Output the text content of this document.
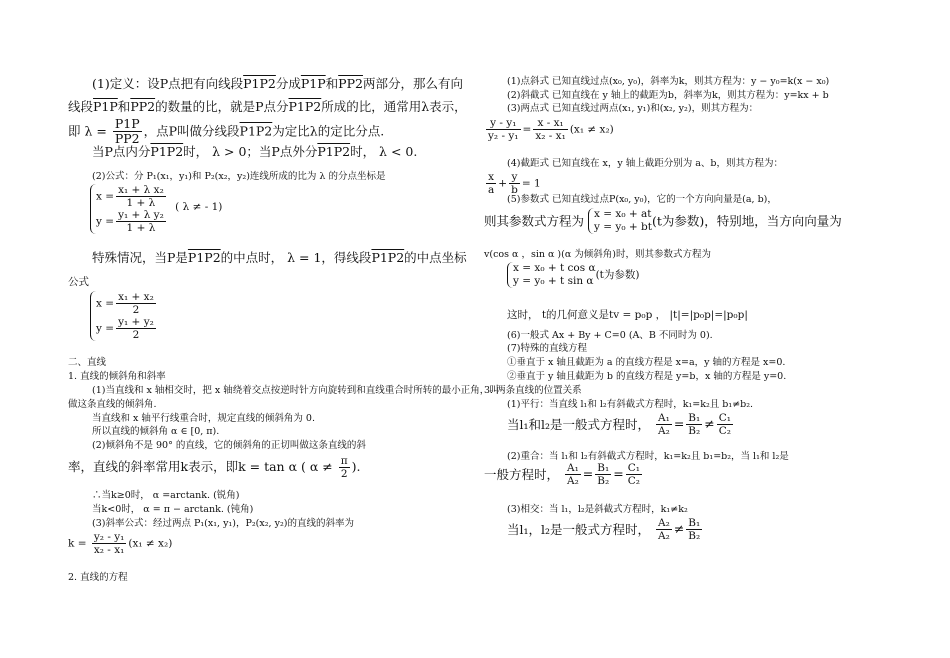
(1)定义：设P点把有向线段P1P2分成P1P和PP2两部分，那么有向
线段P1P和PP2的数量的比，就是P点分P1P2所成的比，通常用λ表示，
即 $\lambda = \frac{P1P}{PP2}$ ，点P叫做分线段P1P2为定比λ的定比分点.
当P点内分P1P2时， λ > 0；当P点外分P1P2时， λ < 0.
(2)公式：分 P₁(x₁，y₁)和 P₂(x₂，y₂)连线所成的比为 λ 的分点坐标是
$x = \frac{\text{x₁ + λ x₂}}{1 + \lambda}$
$y = \frac{\text{y₁ + λ y₂}}{1 + \lambda}$
( λ ≠ - 1)
特殊情况，当P是P1P2的中点时， λ = 1，得线段P1P2的中点坐标
公式
$x = \frac{\text{x₁ + x₂}}{2}$
$y = \frac{\text{y₁ + y₂}}{2}$
二、直线
1. 直线的倾斜角和斜率
(1)当直线和 x 轴相交时，把 x 轴绕着交点按逆时针方向旋转到和直线重合时所转的最小正角，叫
做这条直线的倾斜角.
当直线和 x 轴平行线重合时，规定直线的倾斜角为 0.
所以直线的倾斜角 α ∈ [0, π).
(2)倾斜角不是 90° 的直线，它的倾斜角的正切叫做这条直线的斜
率，直线的斜率常用k表示，即k = tan α ( $\alpha \ne \frac{\pi}{2}$ ).
∴当k≥0时， α =arctank. (锐角)
当k<0时， α = π − arctank. (钝角)
(3)斜率公式：经过两点 P₁(x₁, y₁)，P₂(x₂, y₂)的直线的斜率为
$k = \frac{\text{y₂ - y₁}}{\text{x₂ - x₁}} (x_1 \ne x_2)$
2. 直线的方程
(1)点斜式 已知直线过点(x₀, y₀)，斜率为k，则其方程为：y − y₀=k(x − x₀)
(2)斜截式 已知直线在 y 轴上的截距为b，斜率为k，则其方程为：y=kx + b
(3)两点式 已知直线过两点(x₁, y₁)和(x₂, y₂)，则其方程为：
$\frac{\text{y - y₁}}{\text{y₂ - y₁}} = \frac{\text{x - x₁}}{\text{x₂ - x₁}} (x_1 \ne x_2)$
(4)截距式 已知直线在 x，y 轴上截距分别为 a、b，则其方程为：
$\frac{x}{a} + \frac{y}{b} = 1$
(5)参数式 已知直线过点P(x₀, y₀)，它的一个方向向量是(a, b)，
则其参数式方程为 x = x₀ + at
y = y₀ + bt (t为参数)，特别地，当方向向量为
v(cos α ，sin α )(α 为倾斜角)时，则其参数式方程为
x = x₀ + t cos α
y = y₀ + t sin α
(t为参数)
这时， t的几何意义是tv = p₀p ， |t|=|p₀p|=|p₀p|
(6)一般式 Ax + By + C=0 (A、B 不同时为 0).
(7)特殊的直线方程
①垂直于 x 轴且截距为 a 的直线方程是 x=a，y 轴的方程是 x=0.
②垂直于 y 轴且截距为 b 的直线方程是 y=b，x 轴的方程是 y=0.
3. 两条直线的位置关系
(1)平行：当直线 l₁和 l₂有斜截式方程时，k₁=k₂且 b₁≠b₂.
当l₁和l₂是一般式方程时， $\frac{\text{A₁}}{\text{A₂}} = \frac{\text{B₁}}{\text{B₂}} \ne \frac{\text{C₁}}{\text{C₂}}$
(2)重合：当 l₁和 l₂有斜截式方程时，k₁=k₂且 b₁=b₂，当 l₁和 l₂是
一般方程时， $\frac{\text{A₁}}{\text{A₂}} = \frac{\text{B₁}}{\text{B₂}} = \frac{\text{C₁}}{\text{C₂}}$
(3)相交：当 l₁，l₂是斜截式方程时，k₁≠k₂
当l₁，l₂是一般式方程时， $\frac{\text{A₂}}{\text{A₂}} \ne \frac{\text{B₁}}{\text{B₂}}$
